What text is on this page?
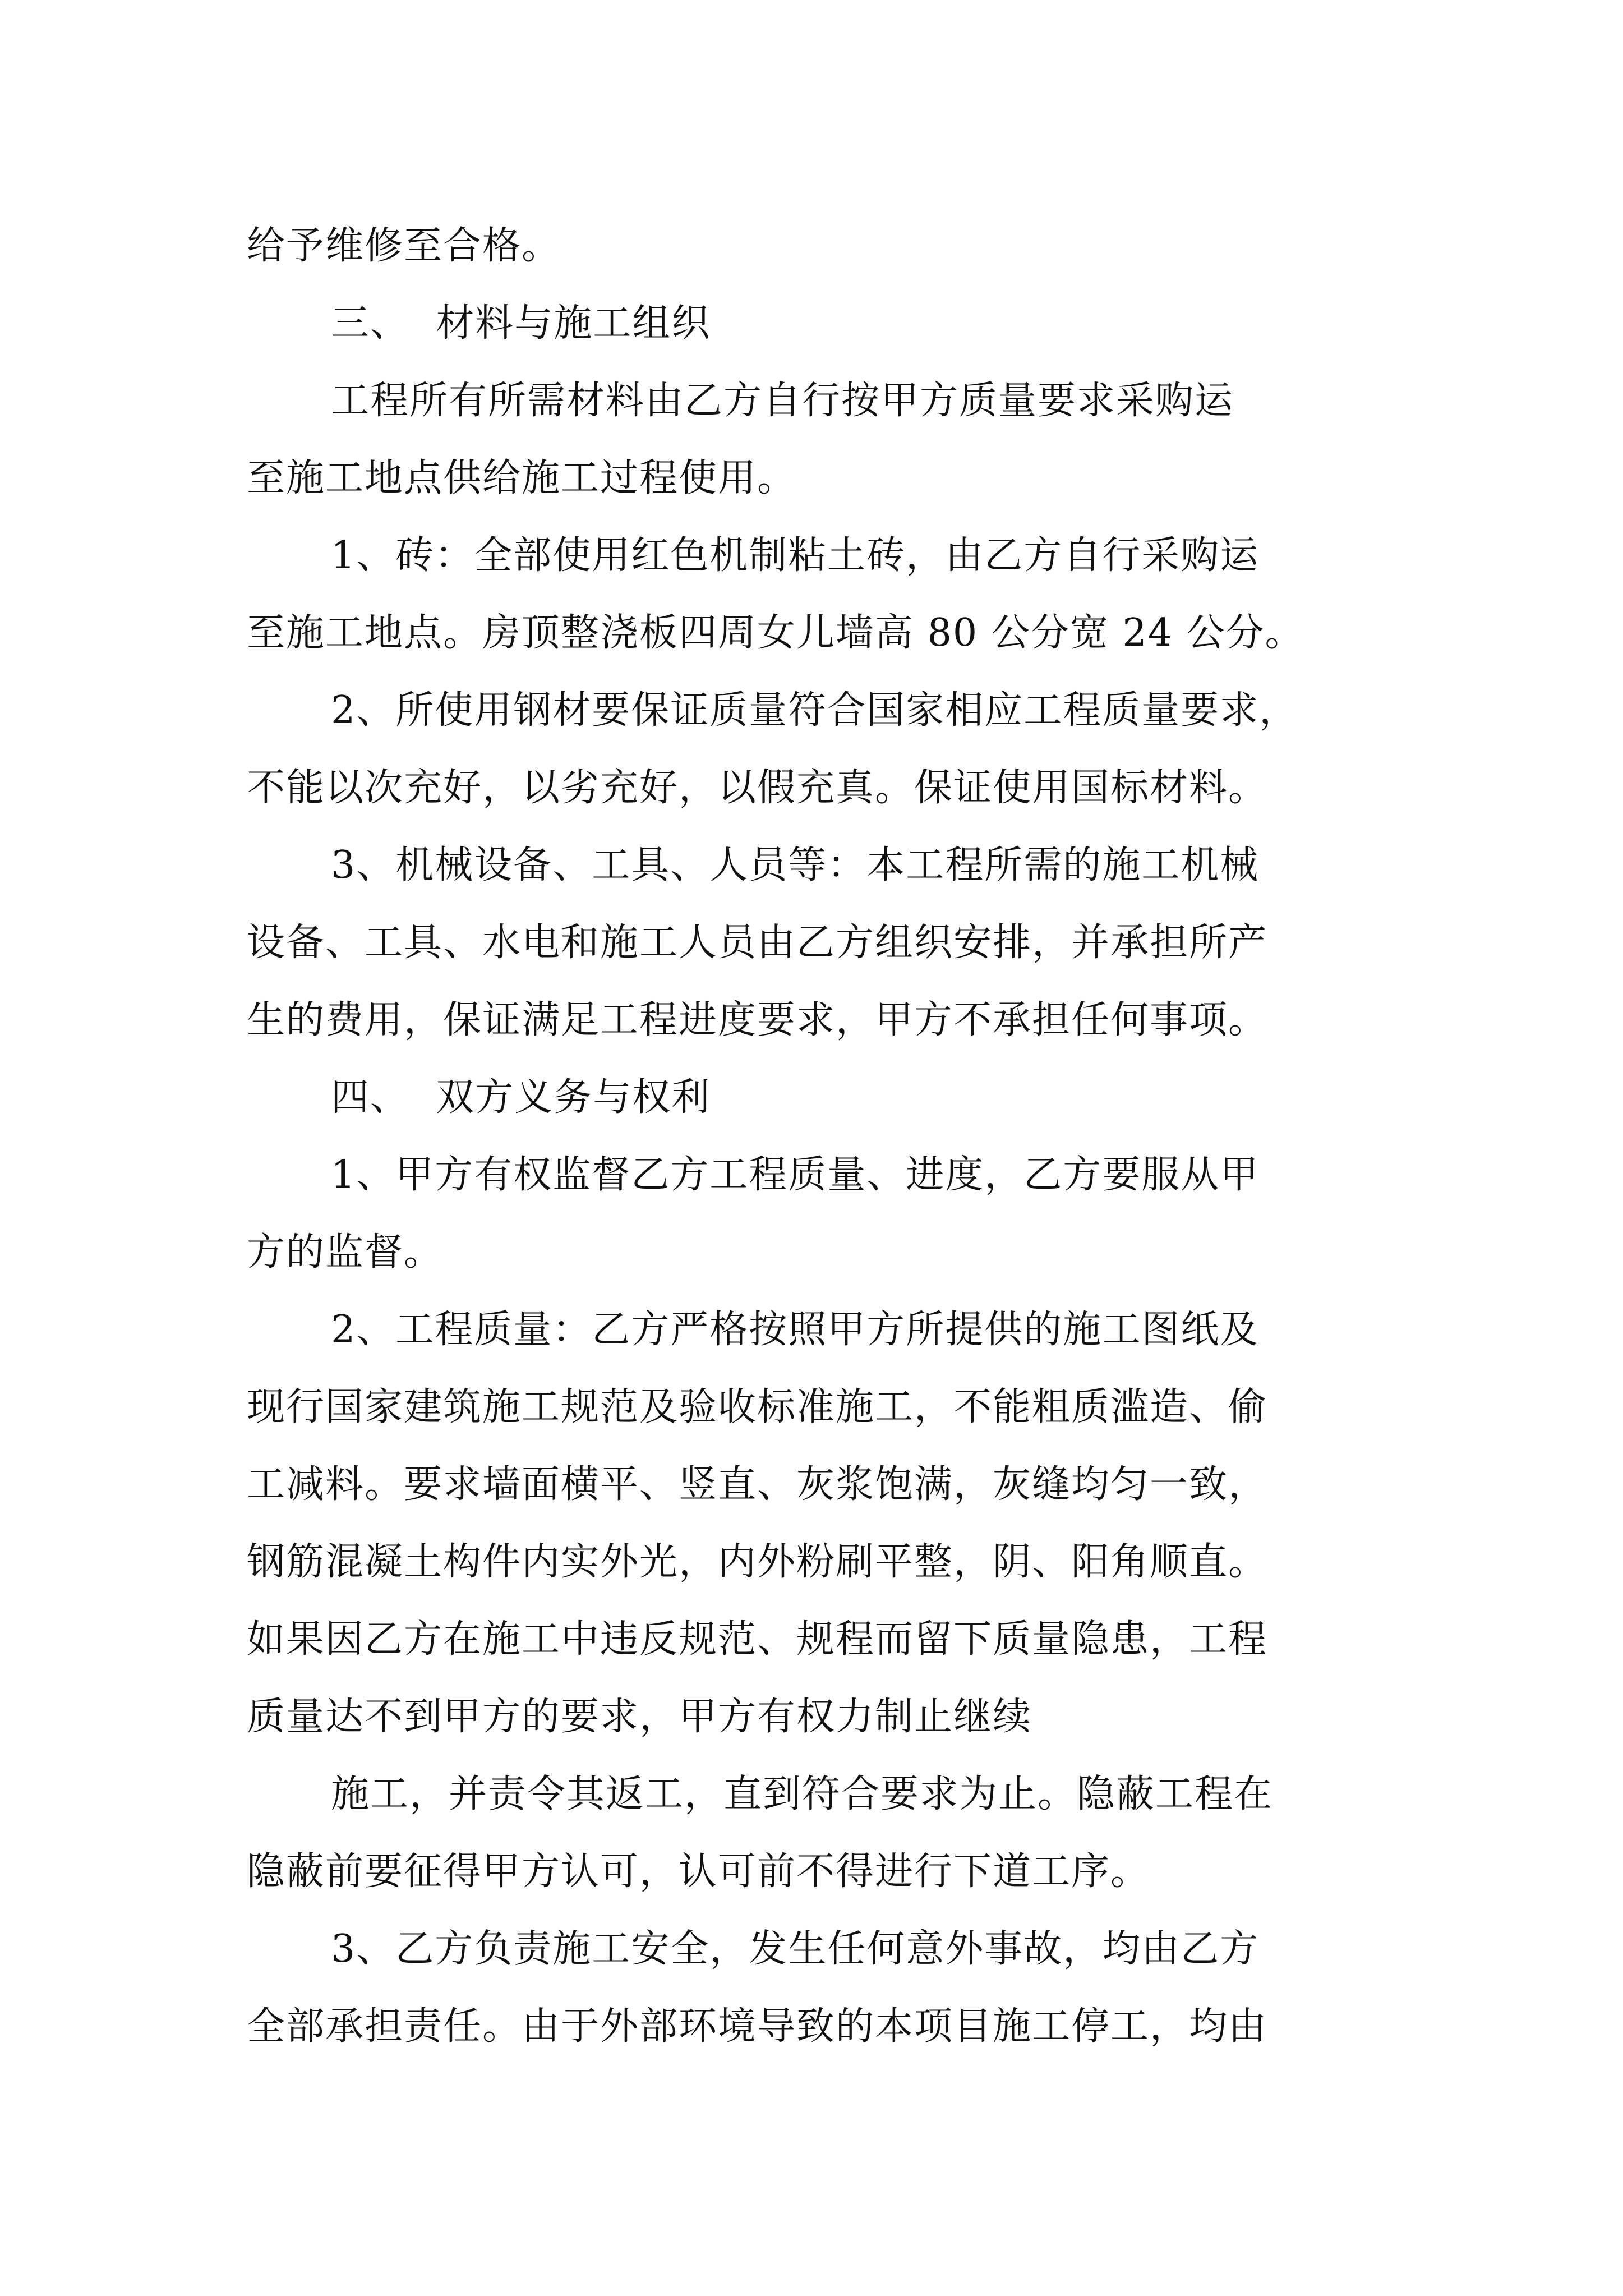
给予维修至合格。
三、  材料与施工组织
工程所有所需材料由乙方自行按甲方质量要求采购运
至施工地点供给施工过程使用。
1、砖：全部使用红色机制粘土砖，由乙方自行采购运
至施工地点。房顶整浇板四周女儿墙高 80 公分宽 24 公分。
2、所使用钢材要保证质量符合国家相应工程质量要求，
不能以次充好，以劣充好，以假充真。保证使用国标材料。
3、机械设备、工具、人员等：本工程所需的施工机械
设备、工具、水电和施工人员由乙方组织安排，并承担所产
生的费用，保证满足工程进度要求，甲方不承担任何事项。
四、  双方义务与权利
1、甲方有权监督乙方工程质量、进度，乙方要服从甲
方的监督。
2、工程质量：乙方严格按照甲方所提供的施工图纸及
现行国家建筑施工规范及验收标准施工，不能粗质滥造、偷
工减料。要求墙面横平、竖直、灰浆饱满，灰缝均匀一致，
钢筋混凝土构件内实外光，内外粉刷平整，阴、阳角顺直。
如果因乙方在施工中违反规范、规程而留下质量隐患，工程
质量达不到甲方的要求，甲方有权力制止继续
施工，并责令其返工，直到符合要求为止。隐蔽工程在
隐蔽前要征得甲方认可，认可前不得进行下道工序。
3、乙方负责施工安全，发生任何意外事故，均由乙方
全部承担责任。由于外部环境导致的本项目施工停工，均由
